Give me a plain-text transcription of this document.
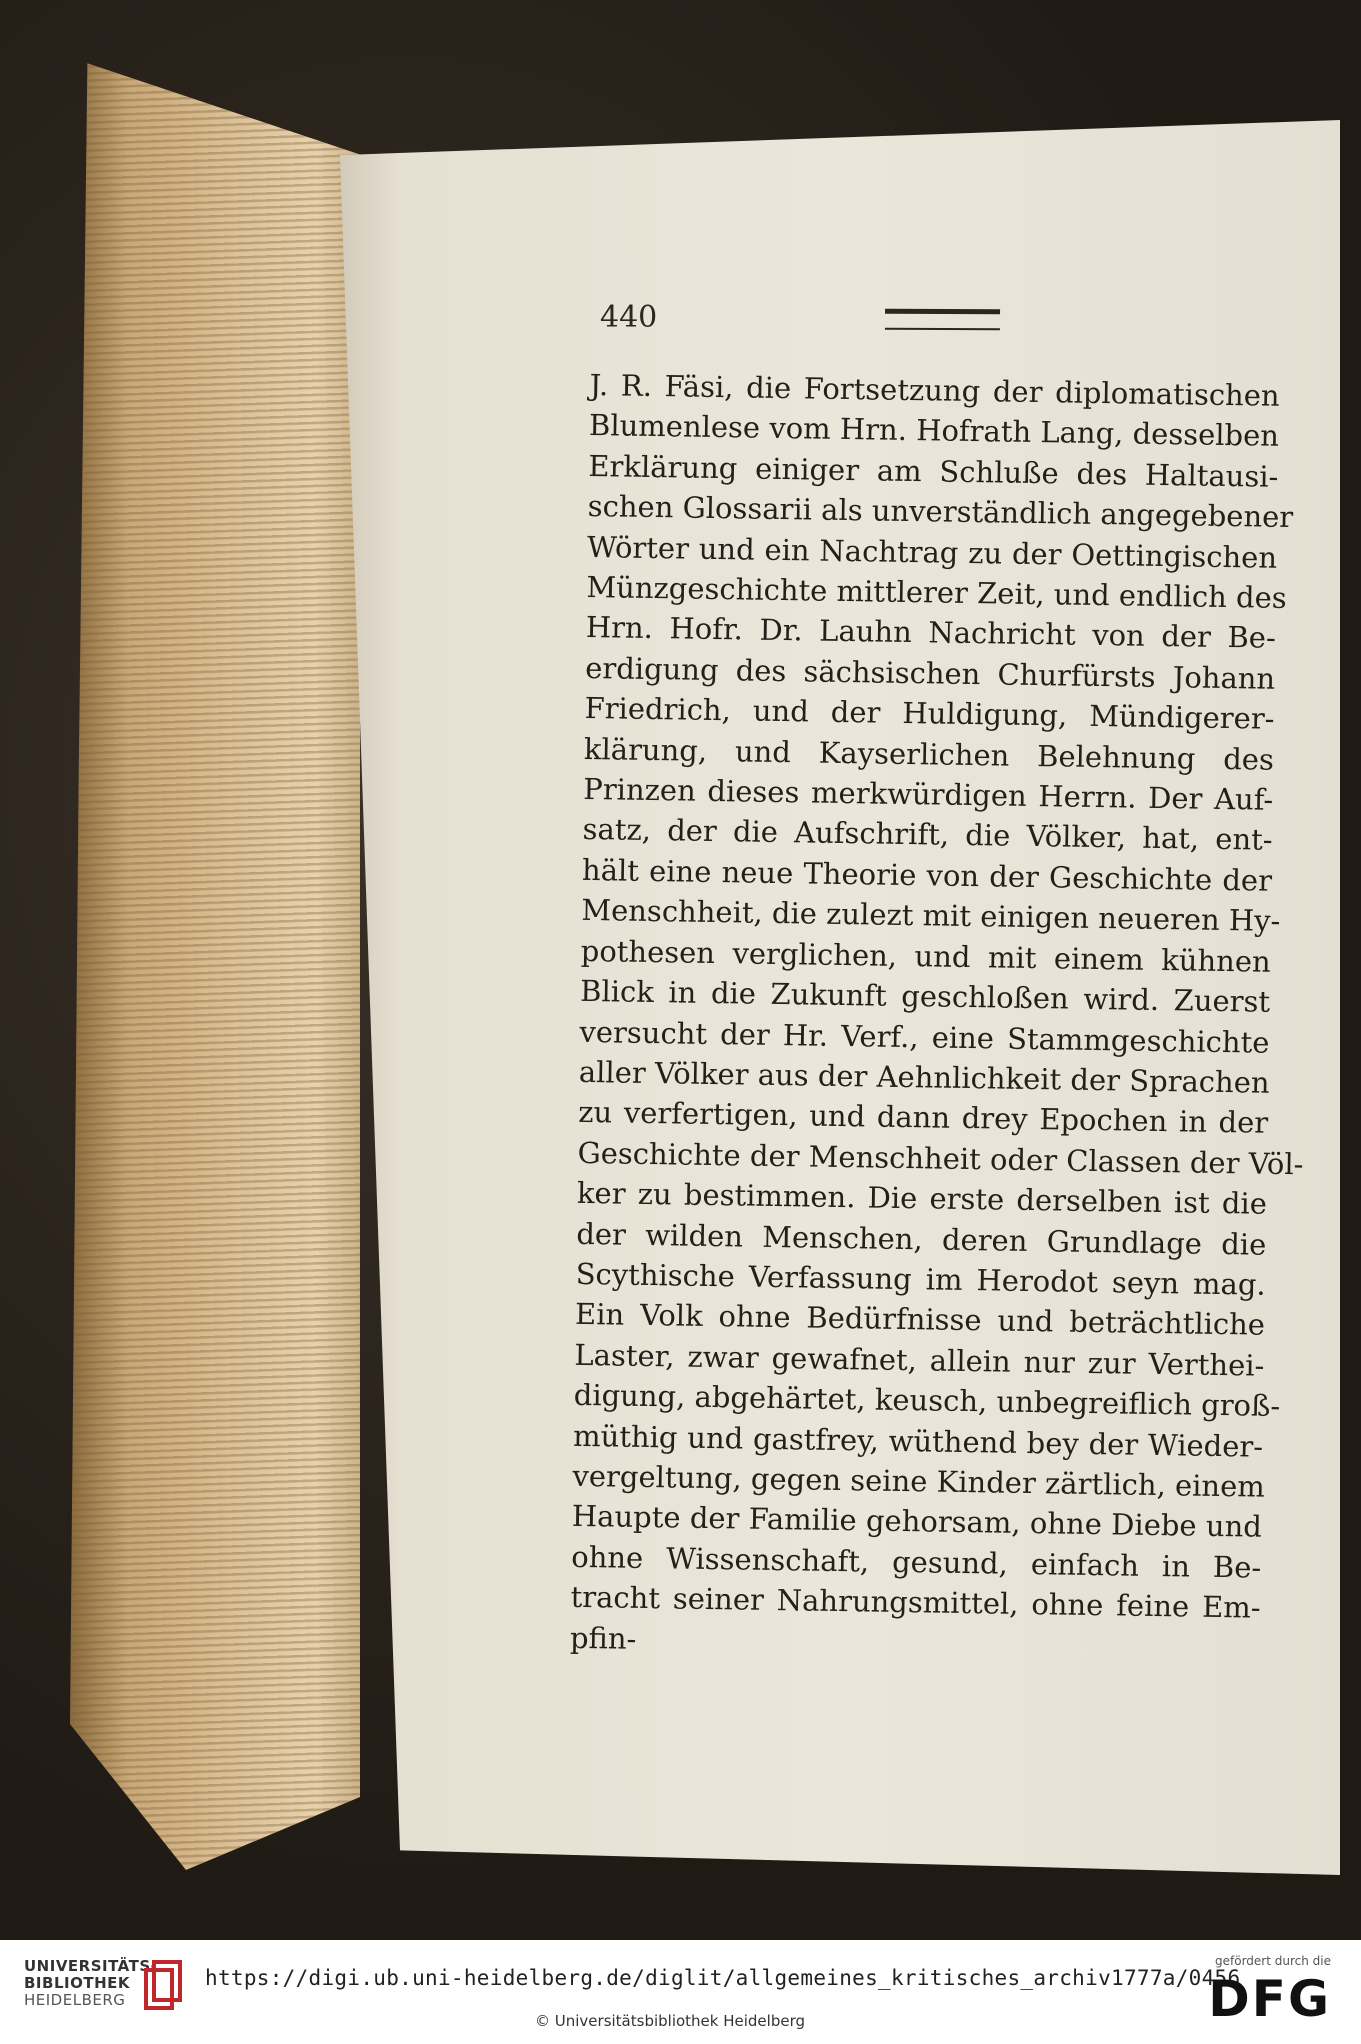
440
J. R. Fäsi, die Fortsetzung der diplomatischen
Blumenlese vom Hrn. Hofrath Lang, desselben
Erklärung einiger am Schluße des Haltausi-
schen Glossarii als unverständlich angegebener
Wörter und ein Nachtrag zu der Oettingischen
Münzgeschichte mittlerer Zeit, und endlich des
Hrn. Hofr. Dr. Lauhn Nachricht von der Be-
erdigung des sächsischen Churfürsts Johann
Friedrich, und der Huldigung, Mündigerer-
klärung, und Kayserlichen Belehnung des
Prinzen dieses merkwürdigen Herrn. Der Auf-
satz, der die Aufschrift, die Völker, hat, ent-
hält eine neue Theorie von der Geschichte der
Menschheit, die zulezt mit einigen neueren Hy-
pothesen verglichen, und mit einem kühnen
Blick in die Zukunft geschloßen wird. Zuerst
versucht der Hr. Verf., eine Stammgeschichte
aller Völker aus der Aehnlichkeit der Sprachen
zu verfertigen, und dann drey Epochen in der
Geschichte der Menschheit oder Classen der Völ-
ker zu bestimmen. Die erste derselben ist die
der wilden Menschen, deren Grundlage die
Scythische Verfassung im Herodot seyn mag.
Ein Volk ohne Bedürfnisse und beträchtliche
Laster, zwar gewafnet, allein nur zur Verthei-
digung, abgehärtet, keusch, unbegreiflich groß-
müthig und gastfrey, wüthend bey der Wieder-
vergeltung, gegen seine Kinder zärtlich, einem
Haupte der Familie gehorsam, ohne Diebe und
ohne Wissenschaft, gesund, einfach in Be-
tracht seiner Nahrungsmittel, ohne feine Em-
pfin-
UNIVERSITÄTS-
BIBLIOTHEK
HEIDELBERG
https://digi.ub.uni-heidelberg.de/diglit/allgemeines_kritisches_archiv1777a/0456
© Universitätsbibliothek Heidelberg
gefördert durch die
DFG
